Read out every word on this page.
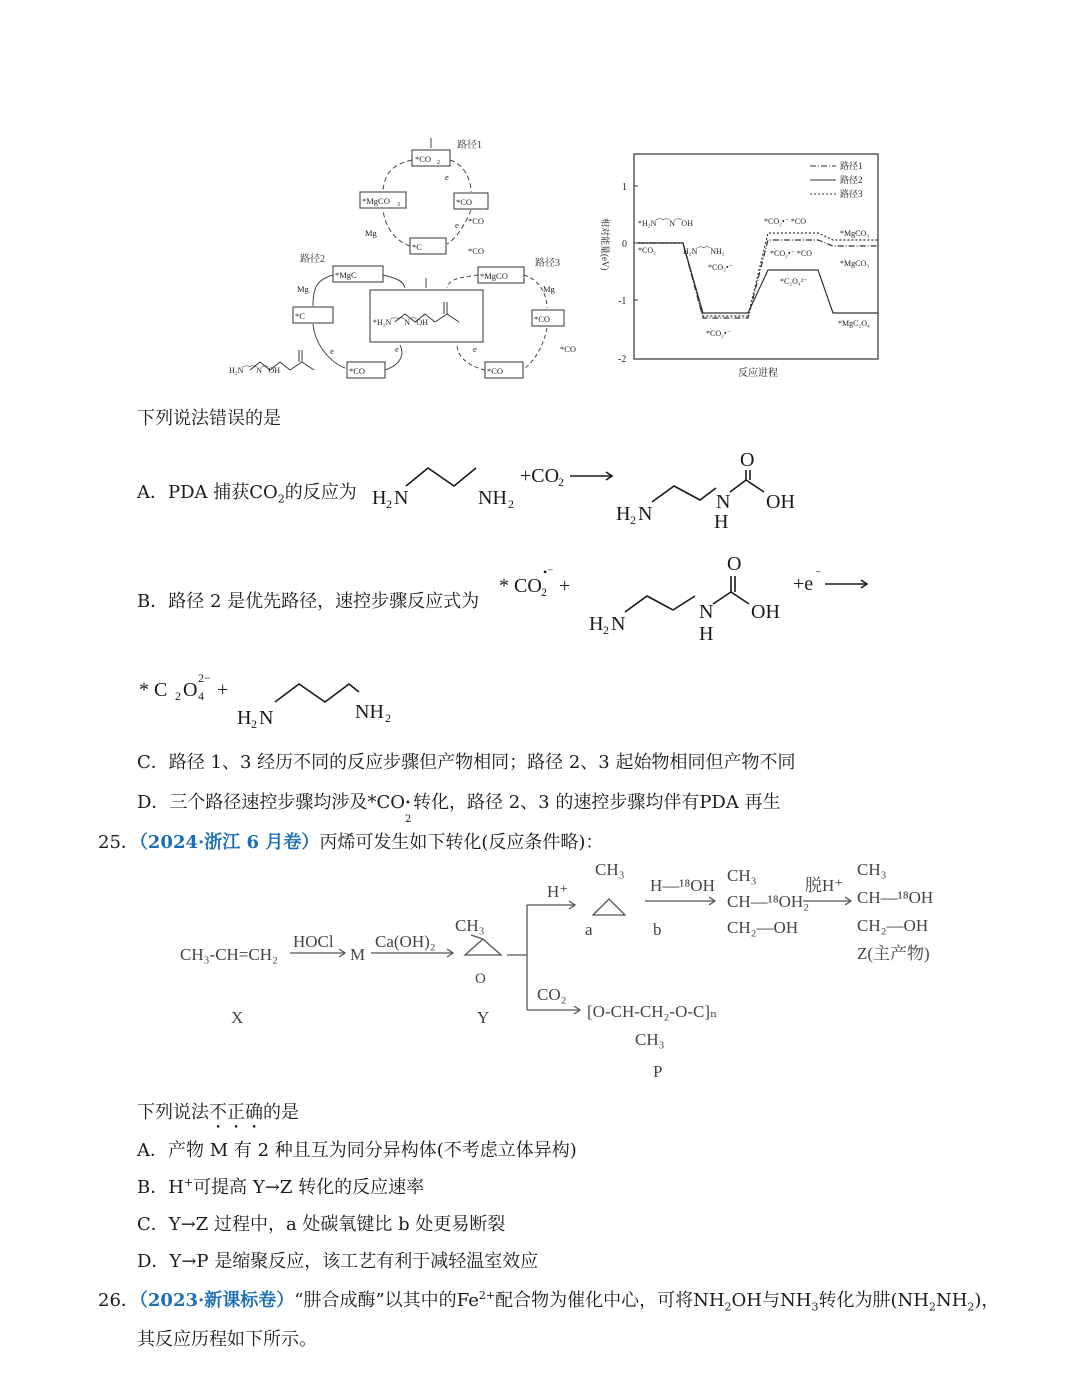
路径1
路径2	路径3
*CO 2
*MgCO 3	*CO
*C
*MgC
*C
*CO
*MgCO
*CO
*CO
*CO
*CO
*CO
Mg
Mg	Mg
e
e
e	e	e
*H₂N⁀⁀N⁀OH
H₂N⁀⁀N⁀OH
1
0
-1
-2
反应进程
相对能量(eV)
路径1
路径2
路径3
*CO₂
*H₂N⁀⁀N⁀OH
H₂N⁀⁀NH₂
*CO₂•⁻
*CO₂•⁻
*CO₂•⁻ *CO
*CO₂•⁻ *CO
*C₂O₄²⁻
*MgCO₃
*MgCO₃
*MgC₂O₄
下列说法错误的是
A．PDA 捕获$CO_2$的反应为 H 2 N	NH 2
+CO
2
H 2 N
N
H
O
OH
B．路径 2 是优先路径，速控步骤反应式为
* CO 2
•⁻
+
H 2 N
N
H
O
OH
+e ⁻
* C 2 O 4
2−
+
H 2 N	NH 2
C．路径 1、3 经历不同的反应步骤但产物相同；路径 2、3 起始物相同但产物不同
D．三个路径速控步骤均涉及*CO •
2
转化，路径 2、3 的速控步骤均伴有PDA 再生
25．（2024·浙江 6 月卷）丙烯可发生如下转化(反应条件略)：
CH₃-CH=CH₂
HOCl
M
Ca(OH)₂
CH₃
O
X	Y
H⁺
CH₃
a	b
H—¹⁸OH
CH₃
CH—¹⁸OH₂
CH₂—OH
脱H⁺
CH₃
CH—¹⁸OH
CH₂—OH
Z(主产物)
CO₂
[O-CH-CH₂-O-C]ₙ
CH₃
P
下列说法不正确的是
A．产物 M 有 2 种且互为同分异构体(不考虑立体异构)
B．H+可提高 Y→Z 转化的反应速率
C．Y→Z 过程中，a 处碳氧键比 b 处更易断裂
D．Y→P 是缩聚反应，该工艺有利于减轻温室效应
26．（2023·新课标卷）“肼合成酶”以其中的$Fe^{2+}$配合物为催化中心，可将$NH_2OH$与$NH_3$转化为肼$(NH_2NH_2)$，
其反应历程如下所示。
